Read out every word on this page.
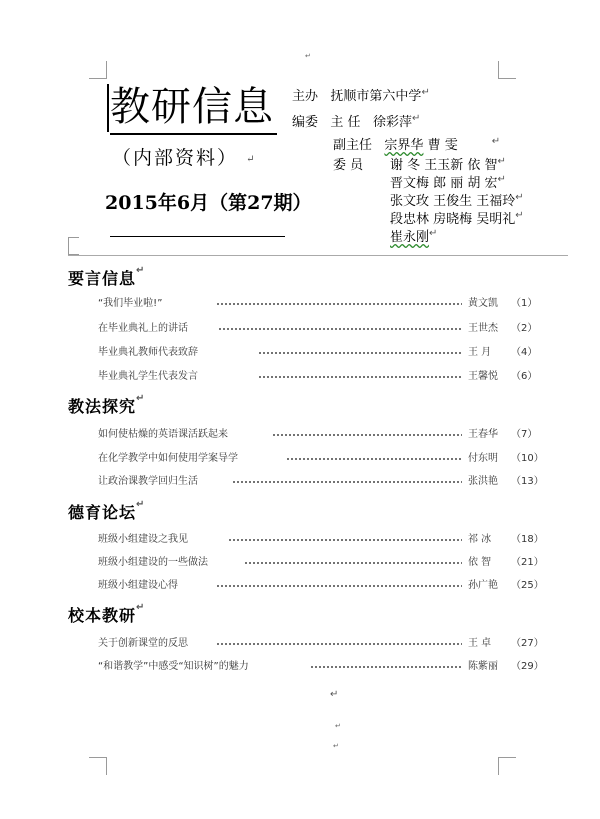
↵
教研信息
（内部资料） ↵
2015年6月（第27期）
主办 抚顺市第六中学 ↵
编委 主 任 徐彩萍 ↵
副主任 宗界华 曹 雯	↵
委 员 谢 冬 王玉新 依 智 ↵
晋文梅 郎 丽 胡 宏 ↵
张文玫 王俊生 王福玲 ↵
段忠林 房晓梅 吴明礼 ↵
崔永刚 ↵
要言信息 ↵
“我们毕业啦!”	黄文凯 （1）
在毕业典礼上的讲话	王世杰 （2）
毕业典礼教师代表致辞	王 月 （4）
毕业典礼学生代表发言	王馨悦 （6）
教法探究 ↵
如何使枯燥的英语课活跃起来	王春华 （7）
在化学教学中如何使用学案导学	付东明 （10）
让政治课教学回归生活	张洪艳 （13）
德育论坛 ↵
班级小组建设之我见	祁 冰 （18）
班级小组建设的一些做法	依 智 （21）
班级小组建设心得	孙广艳 （25）
校本教研 ↵
关于创新课堂的反思	王 卓 （27）
“和谐教学”中感受“知识树”的魅力	陈紫丽 （29）
↵
↵
↵
